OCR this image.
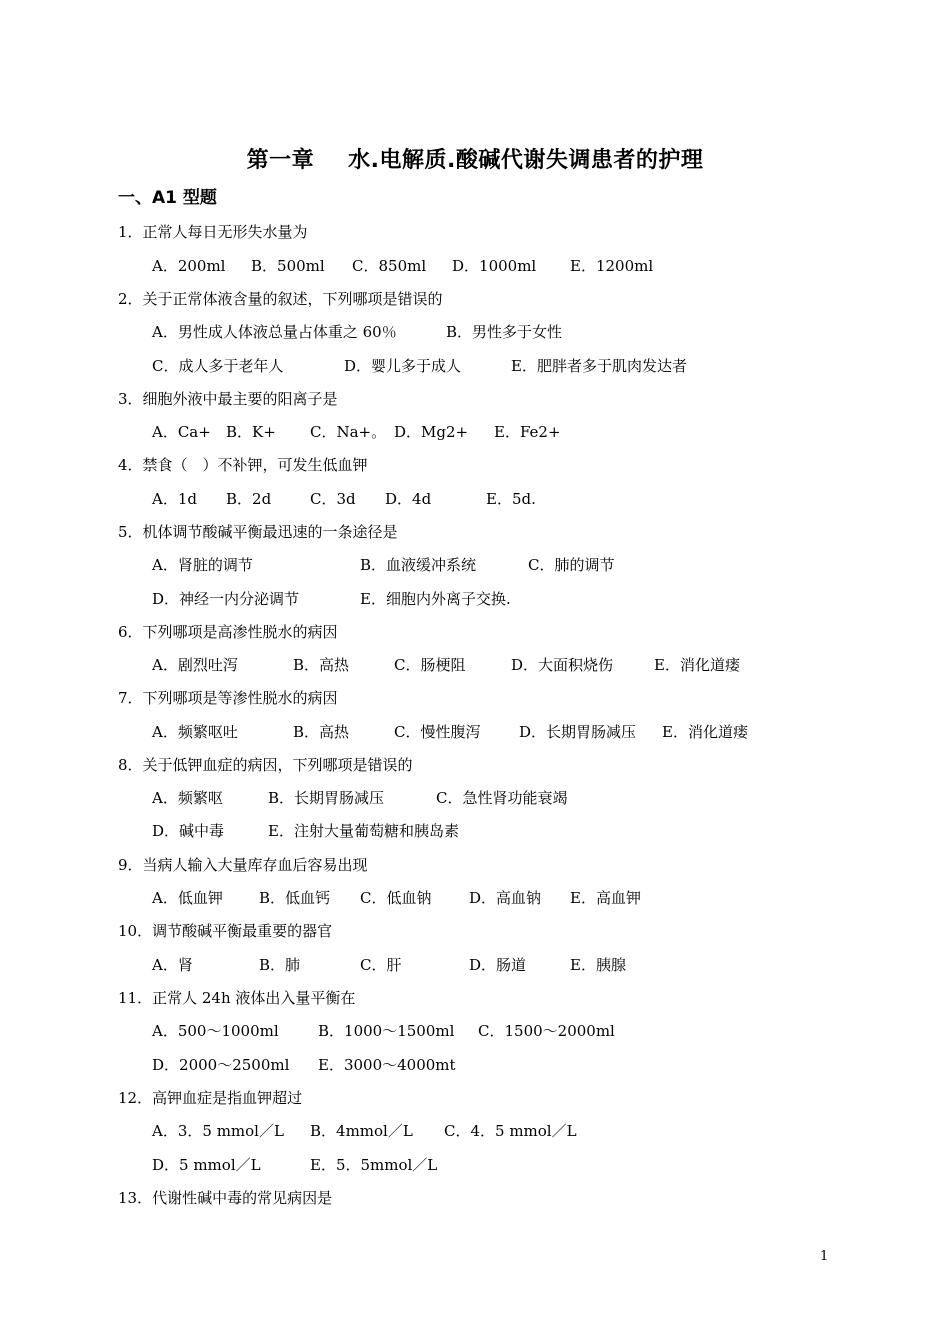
第一章 水.电解质.酸碱代谢失调患者的护理
一、A1 型题
1．正常人每日无形失水量为

A．200ml

B．500ml

C．850ml

D．1000ml

E．1200ml

2．关于正常体液含量的叙述，下列哪项是错误的

A．男性成人体液总量占体重之 60％

	B．男性多于女性

C．成人多于老年人

	D．婴儿多于成人

	E．肥胖者多于肌肉发达者

3．细胞外液中最主要的阳离子是

A．Ca+

B．K+

C．Na+。

D．Mg2+

E．Fe2+

4．禁食（　）不补钾，可发生低血钾

A．1d

B．2d

	C．3d

D．4d

	E．5d.

5．机体调节酸碱平衡最迅速的一条途径是

A．肾脏的调节

	B．血液缓冲系统

	C．肺的调节

D．神经一内分泌调节

	E．细胞内外离子交换.

6．下列哪项是高渗性脱水的病因

A．剧烈吐泻

	B．高热

	C．肠梗阻

	D．大面积烧伤

	E．消化道瘘

7．下列哪项是等渗性脱水的病因

A．频繁呕吐

	B．高热

	C．慢性腹泻

	D．长期胃肠减压

E．消化道瘘

8．关于低钾血症的病因，下列哪项是错误的

A．频繁呕

	B．长期胃肠减压

	C．急性肾功能衰竭

D．碱中毒

	E．注射大量葡萄糖和胰岛素

9．当病人输入大量库存血后容易出现

A．低血钾

B．低血钙

C．低血钠

	D．高血钠

E．高血钾

10．调节酸碱平衡最重要的器官

A．肾

	B．肺

	C．肝

	D．肠道

	E．胰腺

11．正常人 24h 液体出入量平衡在

A．500～1000ml

	B．1000～1500ml

C．1500～2000ml

D．2000～2500ml

E．3000～4000mt

12．高钾血症是指血钾超过

A．3．5 mmol／L

B．4mmol／L

C．4．5 mmol／L

D．5 mmol／L

	E．5．5mmol／L

13．代谢性碱中毒的常见病因是
1
